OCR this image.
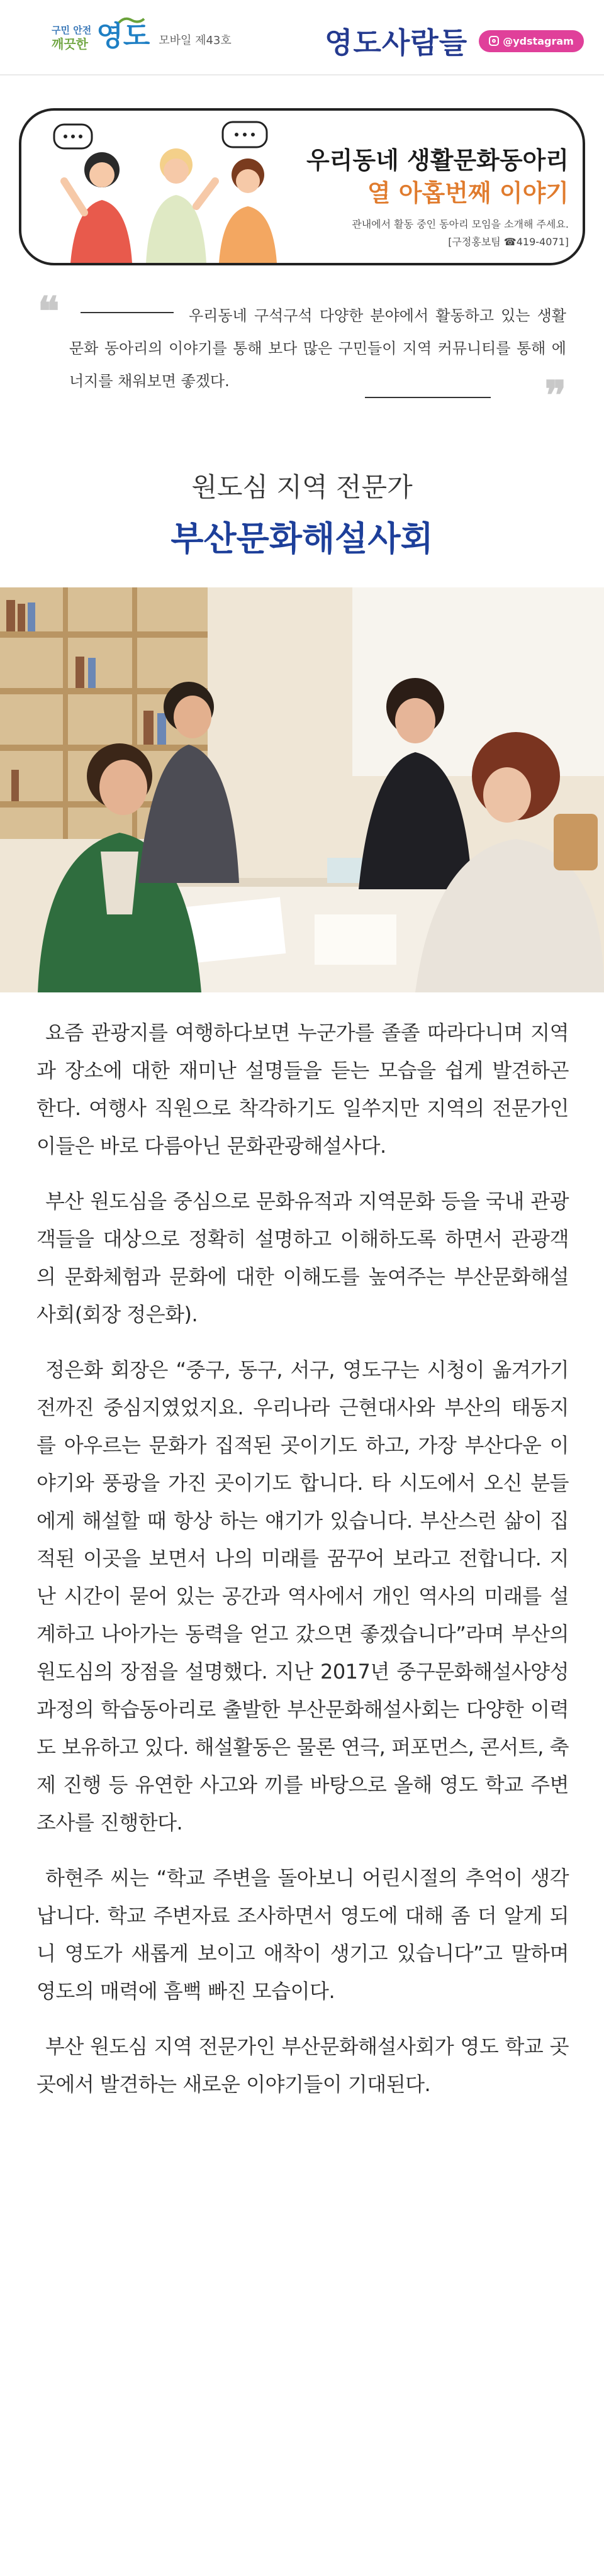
구민 안전
깨끗한 영도 모바일 제43호	영도사람들	@ydstagram
우리동네 생활문화동아리
열 아홉번째 이야기
관내에서 활동 중인 동아리 모임을 소개해 주세요.
[구정홍보팀 ☎419-4071]
❝	우리동네 구석구석 다양한 분야에서 활동하고 있는 생활 문화 동아리의 이야기를 통해 보다 많은 구민들이 지역 커뮤니티를 통해 에너지를 채워보면 좋겠다.	❞
원도심 지역 전문가
부산문화해설사회

요즘 관광지를 여행하다보면 누군가를 졸졸 따라다니며 지역과 장소에 대한 재미난 설명들을 듣는 모습을 쉽게 발견하곤 한다. 여행사 직원으로 착각하기도 일쑤지만 지역의 전문가인 이들은 바로 다름아닌 문화관광해설사다.

부산 원도심을 중심으로 문화유적과 지역문화 등을 국내 관광객들을 대상으로 정확히 설명하고 이해하도록 하면서 관광객의 문화체험과 문화에 대한 이해도를 높여주는 부산문화해설사회(회장 정은화).

정은화 회장은 “중구, 동구, 서구, 영도구는 시청이 옮겨가기 전까진 중심지였었지요. 우리나라 근현대사와 부산의 태동지를 아우르는 문화가 집적된 곳이기도 하고, 가장 부산다운 이야기와 풍광을 가진 곳이기도 합니다. 타 시도에서 오신 분들에게 해설할 때 항상 하는 얘기가 있습니다. 부산스런 삶이 집적된 이곳을 보면서 나의 미래를 꿈꾸어 보라고 전합니다. 지난 시간이 묻어 있는 공간과 역사에서 개인 역사의 미래를 설계하고 나아가는 동력을 얻고 갔으면 좋겠습니다”라며 부산의 원도심의 장점을 설명했다. 지난 2017년 중구문화해설사양성과정의 학습동아리로 출발한 부산문화해설사회는 다양한 이력도 보유하고 있다. 해설활동은 물론 연극, 퍼포먼스, 콘서트, 축제 진행 등 유연한 사고와 끼를 바탕으로 올해 영도 학교 주변조사를 진행한다.

하현주 씨는 “학교 주변을 돌아보니 어린시절의 추억이 생각납니다. 학교 주변자료 조사하면서 영도에 대해 좀 더 알게 되니 영도가 새롭게 보이고 애착이 생기고 있습니다”고 말하며 영도의 매력에 흠뻑 빠진 모습이다.

부산 원도심 지역 전문가인 부산문화해설사회가 영도 학교 곳곳에서 발견하는 새로운 이야기들이 기대된다.
